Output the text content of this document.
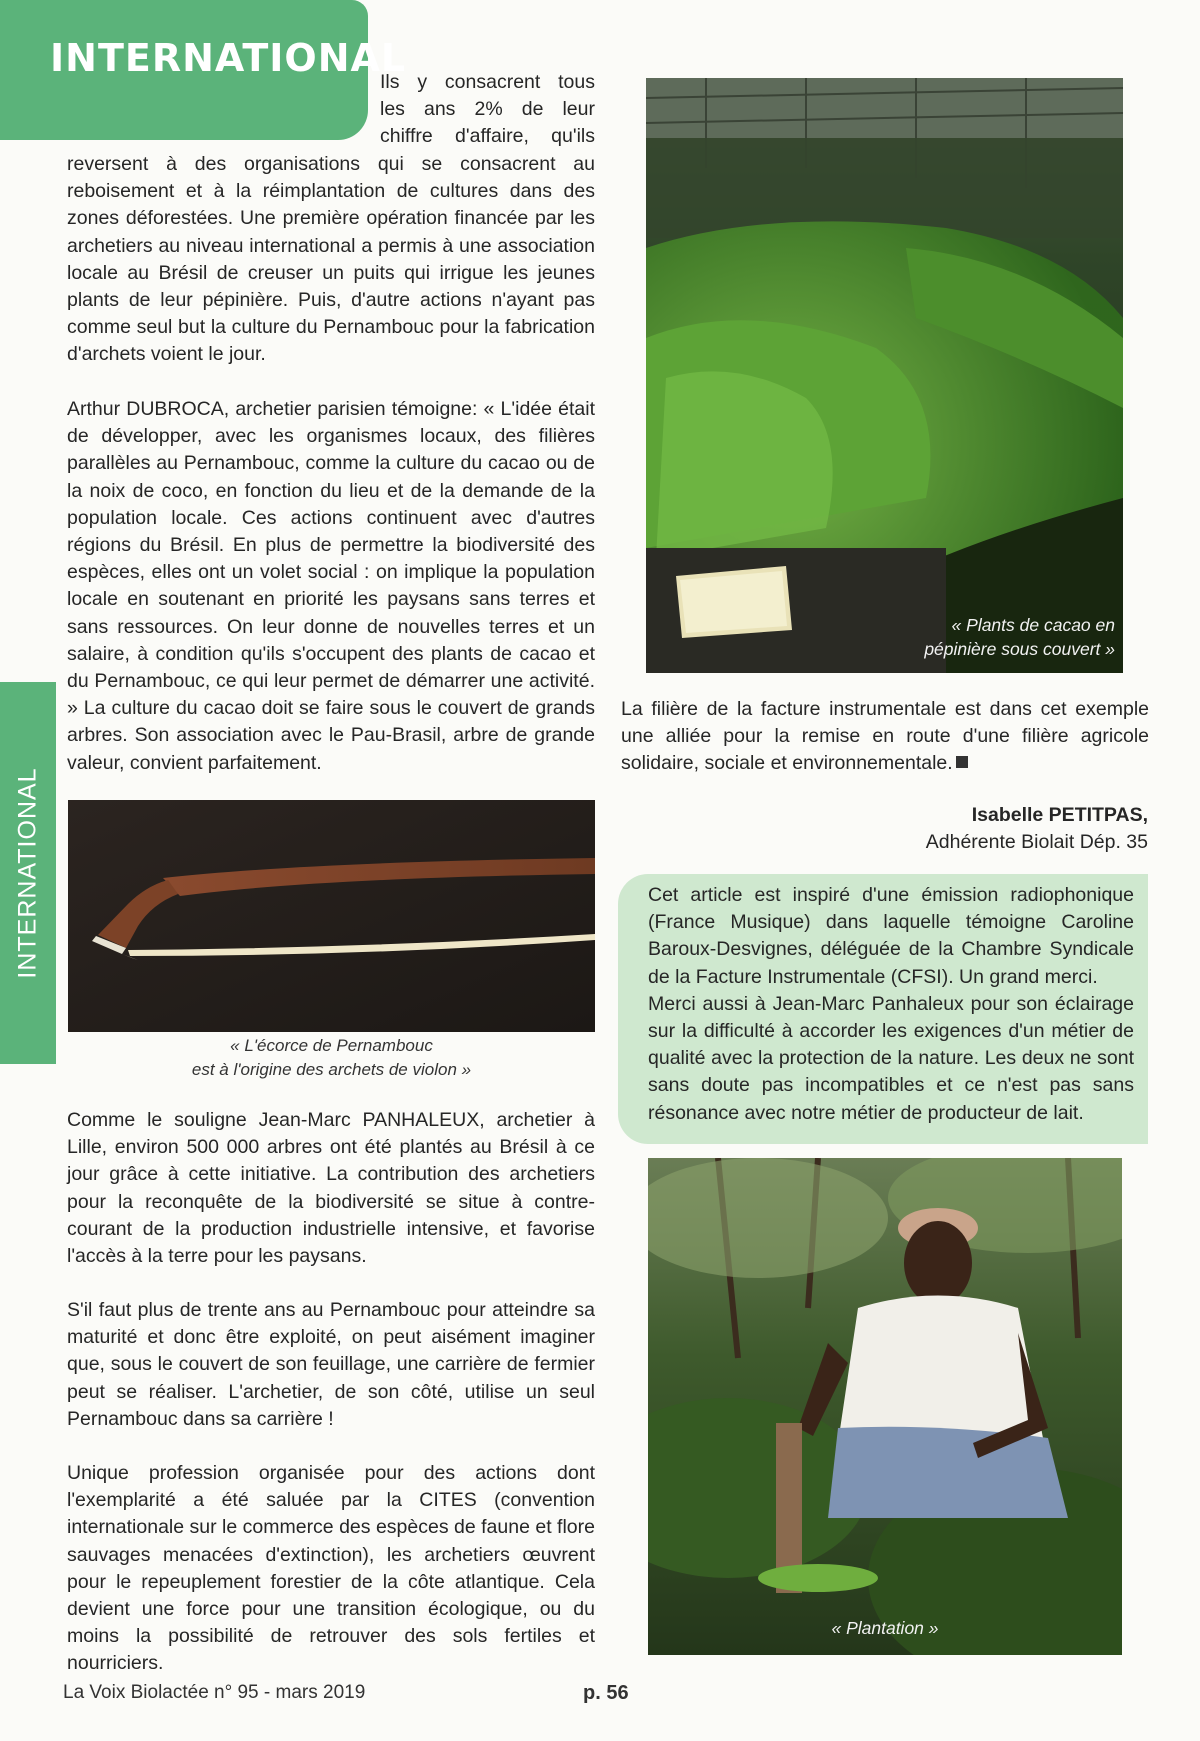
INTERNATIONAL
INTERNATIONAL
Ils y consacrent tous
les ans 2% de leur
chiffre d'affaire, qu'ils

reversent à des organisations qui se consacrent au reboisement et à la réimplantation de cultures dans des zones déforestées. Une première opération financée par les archetiers au niveau international a permis à une association locale au Brésil de creuser un puits qui irrigue les jeunes plants de leur pépinière. Puis, d'autre actions n'ayant pas comme seul but la culture du Pernambouc pour la fabrication d'archets voient le jour.

Arthur DUBROCA, archetier parisien témoigne: « L'idée était de développer, avec les organismes locaux, des filières parallèles au Pernambouc, comme la culture du cacao ou de la noix de coco, en fonction du lieu et de la demande de la population locale. Ces actions continuent avec d'autres régions du Brésil. En plus de permettre la biodiversité des espèces, elles ont un volet social : on implique la population locale en soutenant en priorité les paysans sans terres et sans ressources. On leur donne de nouvelles terres et un salaire, à condition qu'ils s'occupent des plants de cacao et du Pernambouc, ce qui leur permet de démarrer une activité. » La culture du cacao doit se faire sous le couvert de grands arbres. Son association avec le Pau-Brasil, arbre de grande valeur, convient parfaitement.

« L'écorce de Pernambouc
est à l'origine des archets de violon »

Comme le souligne Jean-Marc PANHALEUX, archetier à Lille, environ 500 000 arbres ont été plantés au Brésil à ce jour grâce à cette initiative. La contribution des archetiers pour la reconquête de la biodiversité se situe à contre-courant de la production industrielle intensive, et favorise l'accès à la terre pour les paysans.

S'il faut plus de trente ans au Pernambouc pour atteindre sa maturité et donc être exploité, on peut aisément imaginer que, sous le couvert de son feuillage, une carrière de fermier peut se réaliser. L'archetier, de son côté, utilise un seul Pernambouc dans sa carrière !

Unique profession organisée pour des actions dont l'exemplarité a été saluée par la CITES (convention internationale sur le commerce des espèces de faune et flore sauvages menacées d'extinction), les archetiers œuvrent pour le repeuplement forestier de la côte atlantique. Cela devient une force pour une transition écologique, ou du moins la possibilité de retrouver des sols fertiles et nourriciers.

« Plants de cacao en
pépinière sous couvert »

La filière de la facture instrumentale est dans cet exemple une alliée pour la remise en route d'une filière agricole solidaire, sociale et environnementale.

Isabelle PETITPAS,
Adhérente Biolait Dép. 35

Cet article est inspiré d'une émission radiophonique (France Musique) dans laquelle témoigne Caroline Baroux-Desvignes, déléguée de la Chambre Syndicale de la Facture Instrumentale (CFSI). Un grand merci.

Merci aussi à Jean-Marc Panhaleux pour son éclairage sur la difficulté à accorder les exigences d'un métier de qualité avec la protection de la nature. Les deux ne sont sans doute pas incompatibles et ce n'est pas sans résonance avec notre métier de producteur de lait.

« Plantation »
La Voix Biolactée n° 95 - mars 2019	p. 56
